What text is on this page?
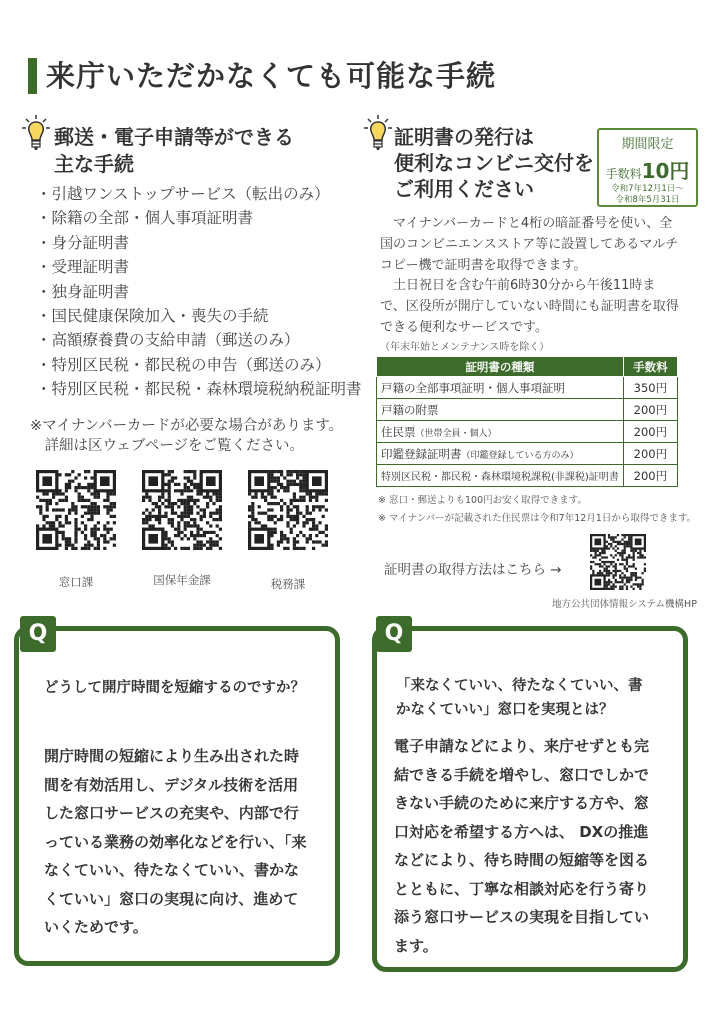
来庁いただかなくても可能な手続
郵送・電子申請等ができる
主な手続
・引越ワンストップサービス（転出のみ）
・除籍の全部・個人事項証明書
・身分証明書
・受理証明書
・独身証明書
・国民健康保険加入・喪失の手続
・高額療養費の支給申請（郵送のみ）
・特別区民税・都民税の申告（郵送のみ）
・特別区民税・都民税・森林環境税納税証明書
※マイナンバーカードが必要な場合があります。
　詳細は区ウェブページをご覧ください。
窓口課	国保年金課	税務課
証明書の発行は
便利なコンビニ交付を
ご利用ください
期間限定
手数料10円
令和7年12月1日～
令和8年5月31日

マイナンバーカードと4桁の暗証番号を使い、全国のコンビニエンスストア等に設置してあるマルチコピー機で証明書を取得できます。

土日祝日を含む午前6時30分から午後11時まで、区役所が開庁していない時間にも証明書を取得できる便利なサービスです。

（年末年始とメンテナンス時を除く）

証明書の種類	手数料
戸籍の全部事項証明・個人事項証明	350円
戸籍の附票	200円
住民票（世帯全員・個人）	200円
印鑑登録証明書（印鑑登録している方のみ）	200円
特別区民税・都民税・森林環境税課税(非課税)証明書	200円
※ 窓口・郵送よりも100円お安く取得できます。
※ マイナンバーが記載された住民票は令和7年12月1日から取得できます。
証明書の取得方法はこちら →
地方公共団体情報システム機構HP
Q
どうして開庁時間を短縮するのですか？
開庁時間の短縮により生み出された時間を有効活用し、デジタル技術を活用した窓口サービスの充実や、内部で行っている業務の効率化などを行い、「来なくていい、待たなくていい、書かなくていい」窓口の実現に向け、進めていくためです。
Q
「来なくていい、待たなくていい、書かなくていい」窓口を実現とは？
電子申請などにより、来庁せずとも完結できる手続を増やし、窓口でしかできない手続のために来庁する方や、窓口対応を希望する方へは、 DXの推進などにより、待ち時間の短縮等を図るとともに、丁寧な相談対応を行う寄り添う窓口サービスの実現を目指しています。
